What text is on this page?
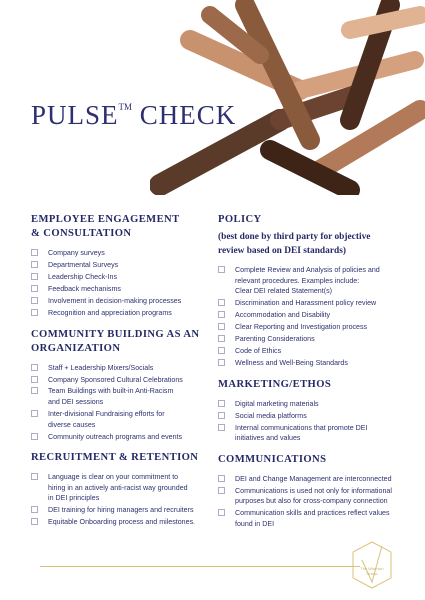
PULSE™ CHECK
EMPLOYEE ENGAGEMENT
& CONSULTATION
Company surveys
Departmental Surveys
Leadership Check-Ins
Feedback mechanisms
Involvement in decision-making processes
Recognition and appreciation programs
COMMUNITY BUILDING AS AN
ORGANIZATION
Staff + Leadership Mixers/Socials
Company Sponsored Cultural Celebrations
Team Buildings with built-in Anti-Racism
and DEI sessions
Inter-divisional Fundraising efforts for
diverse causes
Community outreach programs and events
RECRUITMENT & RETENTION
Language is clear on your commitment to
hiring in an actively anti-racist way grounded
in DEI principles
DEI training for hiring managers and recruiters
Equitable Onboarding process and milestones.
POLICY
(best done by third party for objective
review based on DEI standards)
Complete Review and Analysis of policies and
relevant procedures. Examples include:
Clear DEI related Statement(s)
Discrimination and Harassment policy review
Accommodation and Disability
Clear Reporting and Investigation process
Parenting Considerations
Code of Ethics
Wellness and Well-Being Standards
MARKETING/ETHOS
Digital marketing materials
Social media platforms
Internal communications that promote DEI
initiatives and values
COMMUNICATIONS
DEI and Change Management are interconnected
Communications is used not only for informational
purposes but also for cross-company connection
Communication skills and practices reflect values
found in DEI
The Wharton
Group
